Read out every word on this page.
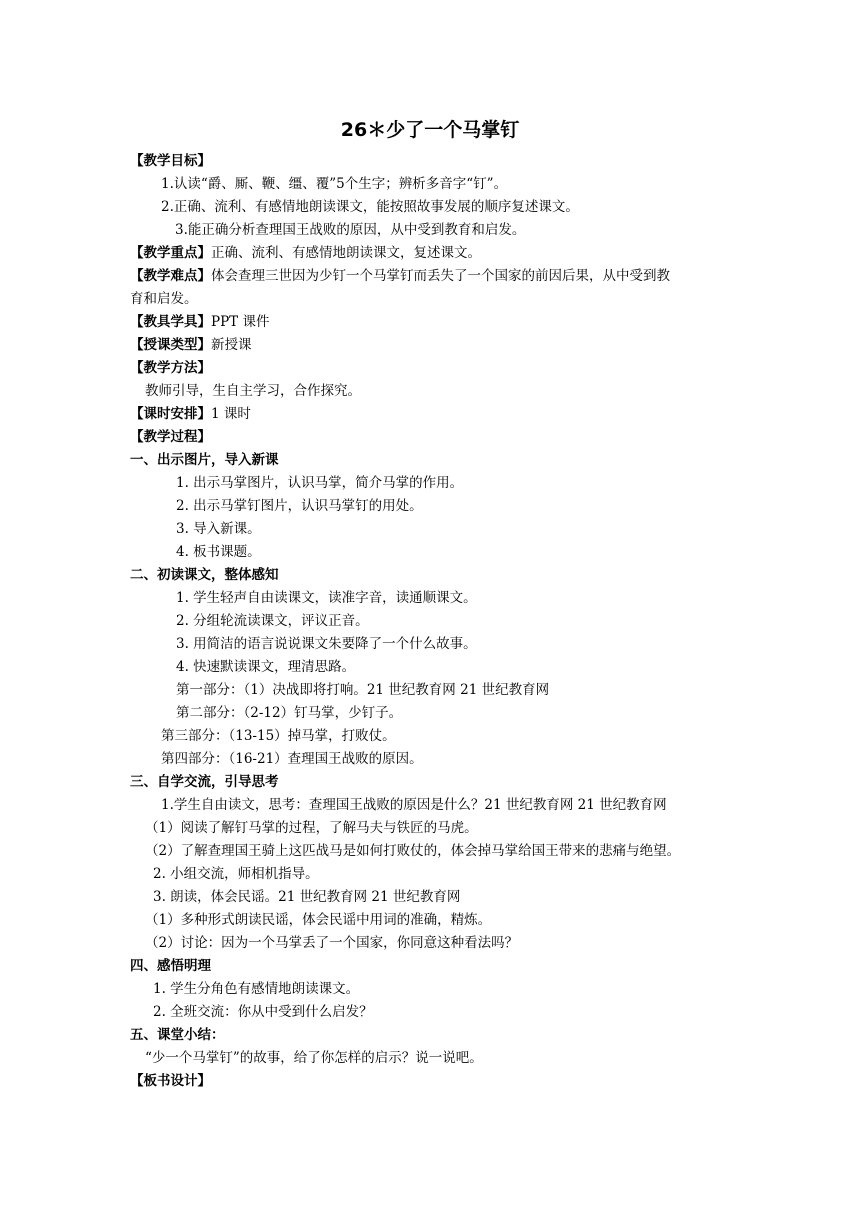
26＊少了一个马掌钉
【教学目标】
1.认读“爵、厮、鞭、缰、覆”5个生字；辨析多音字“钉”。
2.正确、流利、有感情地朗读课文，能按照故事发展的顺序复述课文。
3.能正确分析查理国王战败的原因，从中受到教育和启发。
【教学重点】正确、流利、有感情地朗读课文，复述课文。
【教学难点】体会查理三世因为少钉一个马掌钉而丢失了一个国家的前因后果，从中受到教
育和启发。
【教具学具】PPT 课件
【授课类型】新授课
【教学方法】
教师引导，生自主学习，合作探究。
【课时安排】1 课时
【教学过程】
一、出示图片，导入新课
1. 出示马掌图片，认识马掌，简介马掌的作用。
2. 出示马掌钉图片，认识马掌钉的用处。
3. 导入新课。
4. 板书课题。
二、初读课文，整体感知
1. 学生轻声自由读课文，读准字音，读通顺课文。
2. 分组轮流读课文，评议正音。
3. 用简洁的语言说说课文朱要降了一个什么故事。
4. 快速默读课文，理清思路。
第一部分：（1）决战即将打响。21 世纪教育网 21 世纪教育网
第二部分：（2-12）钉马掌，少钉子。
第三部分：（13-15）掉马掌，打败仗。
第四部分：（16-21）查理国王战败的原因。
三、自学交流，引导思考
1.学生自由读文，思考：查理国王战败的原因是什么？21 世纪教育网 21 世纪教育网
（1）阅读了解钉马掌的过程，了解马夫与铁匠的马虎。
（2）了解查理国王骑上这匹战马是如何打败仗的，体会掉马掌给国王带来的悲痛与绝望。
2. 小组交流，师相机指导。
3. 朗读，体会民谣。21 世纪教育网 21 世纪教育网
（1）多种形式朗读民谣，体会民谣中用词的准确，精炼。
（2）讨论：因为一个马掌丢了一个国家，你同意这种看法吗？
四、感悟明理
1. 学生分角色有感情地朗读课文。
2. 全班交流：你从中受到什么启发？
五、课堂小结：
“少一个马掌钉”的故事，给了你怎样的启示？说一说吧。
【板书设计】
